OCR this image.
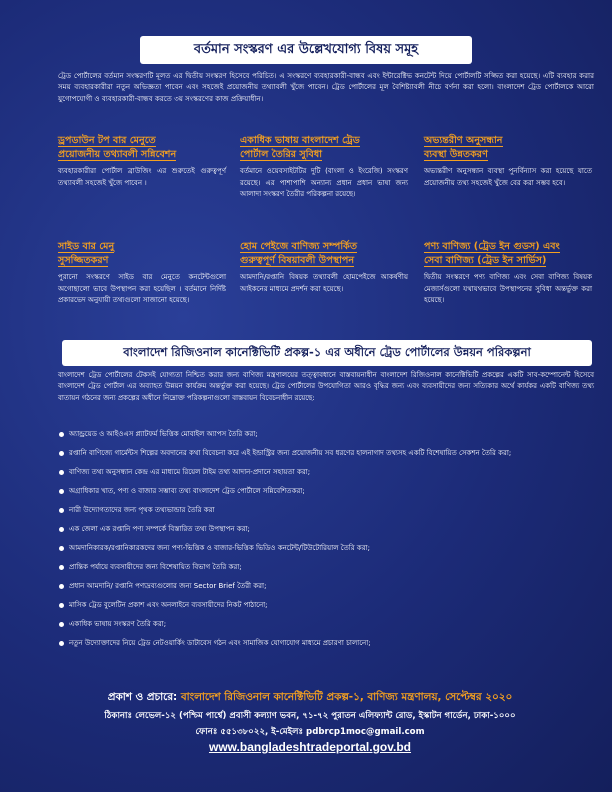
বর্তমান সংস্করণ এর উল্লেখযোগ্য বিষয় সমূহ
ট্রেড পোর্টালের বর্তমান সংস্করণটি মূলত এর দ্বিতীয় সংস্করণ হিসেবে পরিচিত। এ সংস্করণে ব্যবহারকারী-বান্ধব এবং ইন্টারেক্টিভ কনটেন্ট দিয়ে পোর্টালটি সজ্জিত করা হয়েছে। এটি ব্যবহার করার সময় ব্যবহারকারীরা নতুন অভিজ্ঞতা পাবেন এবং সহজেই প্রয়োজনীয় তথ্যাবলী খুঁজে পাবেন। ট্রেড পোর্টালের মূল বৈশিষ্ট্যাবলী নীচে বর্ণনা করা হলো। বাংলাদেশ ট্রেড পোর্টালকে আরো যুগোপযোগী ও ব্যবহারকারী-বান্ধব করতে ৩য় সংস্করণের কাজ প্রক্রিয়াধীন।
ড্রপডাউন টপ বার মেনুতে
প্রয়োজনীয় তথ্যাবলী সন্নিবেশন

ব্যবহারকারীরা পোর্টাল ব্রাউজিং এর শুরুতেই গুরুত্বপূর্ণ তথ্যাবলী সহজেই খুঁজে পাবেন ।

একাধিক ভাষায় বাংলাদেশ ট্রেড
পোর্টাল তৈরির সুবিধা

বর্তমানে ওয়েবসাইটটির দুটি (বাংলা ও ইংরেজি) সংস্করণ রয়েছে। এর পাশাপাশি অন্যান্য প্রধান প্রধান ভাষা জন্য আলাদা সংস্করণ তৈরীর পরিকল্পনা রয়েছে।

অভ্যন্তরীণ অনুসন্ধান
ব্যবস্থা উন্নতকরণ

অভ্যন্তরীণ অনুসন্ধান ব্যবস্থা পুনর্বিন্যাস করা হয়েছে যাতে প্রয়োজনীয় তথ্য সহজেই খুঁজে বের করা সম্ভব হবে।

সাইড বার মেনু
সুসজ্জিতকরণ

পুরানো সংস্করণে সাইড বার মেনুতে কনটেন্টগুলো অগোছালো ভাবে উপস্থাপন করা হয়েছিল । বর্তমানে নির্দিষ্ট প্রকারভেদ অনুযায়ী তথ্যগুলো সাজানো হয়েছে।

হোম পেইজে বাণিজ্য সম্পর্কিত
গুরুত্বপূর্ণ বিষয়াবলী উপস্থাপন

আমদানি/রপ্তানি বিষয়ক তথ্যাবলী হোমপেইজে আকর্ষণীয় আইকনের মাধ্যমে প্রদর্শন করা হয়েছে।

পণ্য বাণিজ্য (ট্রেড ইন গুডস) এবং
সেবা বাণিজ্য (ট্রেড ইন সার্ভিস)

দ্বিতীয় সংস্করণে পণ্য বাণিজ্য এবং সেবা বাণিজ্য বিষয়ক মেজার্সগুলো যথাযথভাবে উপস্থাপনের সুবিধা অন্তর্ভুক্ত করা হয়েছে।

বাংলাদেশ রিজিওনাল কানেক্টিভিটি প্রকল্প-১ এর অধীনে ট্রেড পোর্টালের উন্নয়ন পরিকল্পনা
বাংলাদেশ ট্রেড পোর্টালের টেকসই যোগ্যতা নিশ্চিত করার জন্য বাণিজ্য মন্ত্রণালয়ের তত্ত্বাবধানে বাস্তবায়নাধীন বাংলাদেশ রিজিওনাল কানেক্টিভিটি প্রকল্পের একটি সাব-কম্পোনেন্ট হিসেবে বাংলাদেশ ট্রেড পোর্টাল এর অব্যাহত উন্নয়ন কার্যক্রম অন্তর্ভুক্ত করা হয়েছে। ট্রেড পোর্টালের উপযোগিতা আরও বৃদ্ধির জন্য এবং ব্যবসায়ীদের জন্য সত্যিকার অর্থে কার্যকর একটি বাণিজ্য তথ্য বাতায়ন গঠনের জন্য প্রকল্পের অধীনে নিম্নোক্ত পরিকল্পনাগুলো বাস্তবায়ন বিবেচনাধীন রয়েছে:
অ্যান্ড্রয়েড ও আইওএস প্ল্যাটফর্ম ভিত্তিক মোবাইল অ্যাপস তৈরি করা;
রপ্তানি বাণিজ্যে গার্মেন্টস শিল্পের অবদানের কথা বিবেচনা করে এই ইন্ডাস্ট্রির জন্য প্রয়োজনীয় সব ধরণের হালনাগাদ তথ্যসহ একটি বিশেষায়িত সেকশন তৈরি করা;
বাণিজ্য তথ্য অনুসন্ধান কেন্দ্র এর মাধ্যমে রিয়েল টাইম তথ্য আদান-প্রদানে সহায়তা করা;
অগ্রাধিকার খাত, পণ্য ও বাজার সম্ভাব্য তথ্য বাংলাদেশ ট্রেড পোর্টালে সন্নিবেশিতকরা;
নারী উদ্যোগতাদের জন্য পৃথক তথ্যভান্ডার তৈরি করা
এক জেলা এক রপ্তানি পণ্য সম্পর্কে বিস্তারিত তথ্য উপস্থাপন করা;
আমদানিকারক/রপ্তানিকারকদের জন্য পণ্য-ভিত্তিক ও বাজার-ভিত্তিক ভিডিও কনটেন্ট/টিউটোরিয়াল তৈরি করা;
প্রান্তিক পর্যায়ে ব্যবসায়ীদের জন্য বিশেষায়িত বিভাগ তৈরি করা;
প্রধান আমদানি/ রপ্তানি পণ্যদ্রব্যগুলোর জন্য Sector Brief তৈরী করা;
মাসিক ট্রেড বুলেটিন প্রকাশ এবং অনলাইনে ব্যবসায়ীদের নিকট পাঠানো;
একাধিক ভাষায় সংস্করণ তৈরি করা;
নতুন উদ্যোক্তাদের নিয়ে ট্রেড নেটওয়ার্কিং ডাটাবেস গঠন এবং সামাজিক যোগাযোগ মাধ্যমে প্রচারণা চালানো;
প্রকাশ ও প্রচারে: বাংলাদেশ রিজিওনাল কানেক্টিভিটি প্রকল্প-১, বাণিজ্য মন্ত্রণালয়, সেপ্টেম্বর ২০২০
ঠিকানাঃ লেভেল-১২ (পশ্চিম পার্শ্বে) প্রবাসী কল্যাণ ভবন, ৭১-৭২ পুরাতন এলিফ্যান্ট রোড, ইস্কাটন গার্ডেন, ঢাকা-১০০০
ফোনঃ ৫৫১৩৮০২২, ই-মেইলঃ pdbrcp1moc@gmail.com
www.bangladeshtradeportal.gov.bd
